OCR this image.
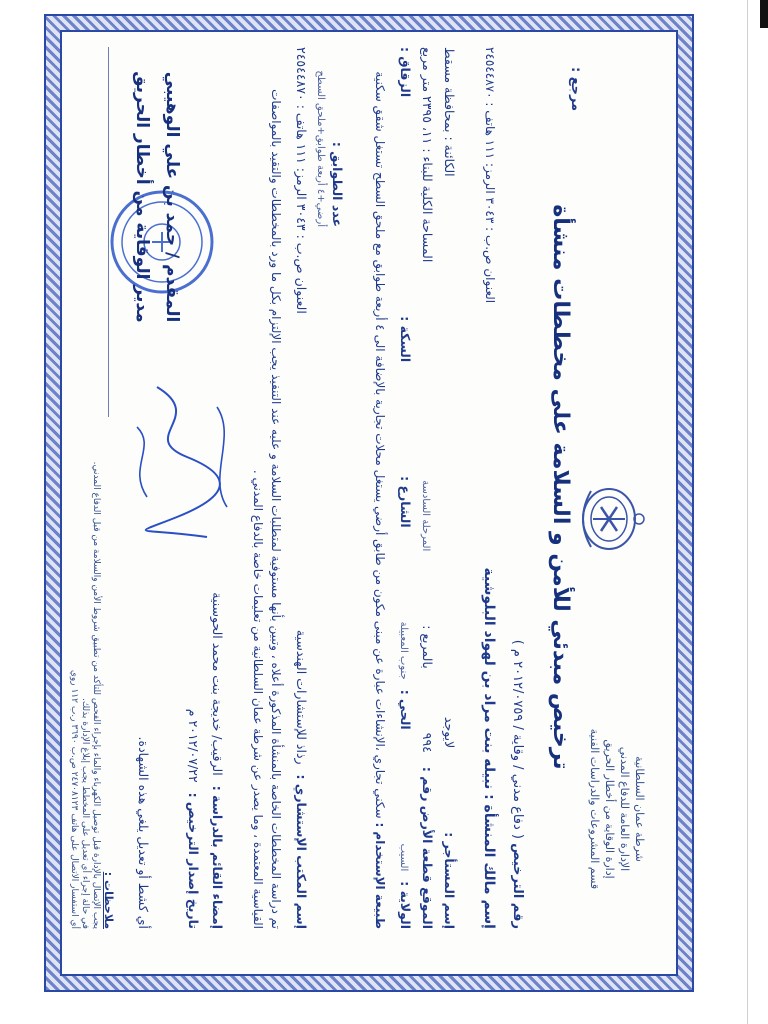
شرطة عمان السلطانية
الإدارة العامة للدفاع المدني
إدارة الوقاية من أخطار الحريق
قسم المشروعات والدراسات الفنية
مرجع :
ترخيص مبدئي للأمن و السلامة على مخططات منشأة
رقم الترخيص ( دفاع مدني / وقاية / ٢٠١٢/٠٧٥٩ م )
إسم مالك المنشأة : نبيله بنت مراد بن لهواد البلوشية
العنوان ص.ب : ٣٠٤٣ الرمز: ١١١ هاتف : ٢٤٥٤٤٨٧٠
إسم المستأجر : لايوجد
الكائنة : بمحافظة مسقط
الموقع قطعة الأرض رقم : ٩٩٤ بالمربع : المرحلة السادسة
المساحة الكلية للبناء : ١١، ٢٣٩٥ متر مربع
الولاية : السيب الحي : جنوب المعبيلة الشارع : السكة :
الزقاق :
طبيعة الإستخدام : سكني تجاري ،الإنشاءات عبارة عن مبنى مكون من طابق أرضي يستغل محلات تجارية بالإضافة الى ٤ أربعة طوابق مع ملحق السطح تستغل شقق سكنية
عدد الطوابق : أرضي+٤ أربعة طوابق+ملحق السطح
إسم المكتب الإستشاري : رذاذ للإستشارات الهندسية
العنوان ص.ب : ٣٠٤٣ الرمز: ١١١ هاتف : ٢٤٥٤٤٨٧٠
تم دراسة المخططات الخاصة بالمنشأة المذكورة أعلاه ، وتبين بأنها مستوفية لمتطلبات السلامة و عليه عند التنفيذ يجب الإلتزام بكل ما ورد بالمخططات والتقيد بالمواصفات القياسية المعتمدة ، وما يصدر عن شرطة عمان السلطانية من تعليمات خاصة بالدفاع المدني .
إمضاء القائم بالدراسة : الرقيب/ خديجة بنت محمد الحوسنية
تاريخ إصدار الترخيص : ٢٠١٢/٠٧/٢٢ م
أي كشط أو تعديل يلغي هذه الشهادة.
المقدم / حمد بن علي الوهيبي
مدير الوقاية من أخطار الحريق
ملاحظات :
يجب الإتصال بالإدارة قبل توصيل الكهرباء والماء بإجراء الفحص للتأكد من تطبيق شروط الأمن والسلامة من قبل الدفاع المدني.
في حالة إجراء أي تعديل على المخطط يجب إبلاغ الإدارة بذلك.
أي استفسار الاتصال على هاتف ٢٤٧٠٨١٢٣ ص.ب ٣٦٩٠ ر.ب ١١٢ روي
